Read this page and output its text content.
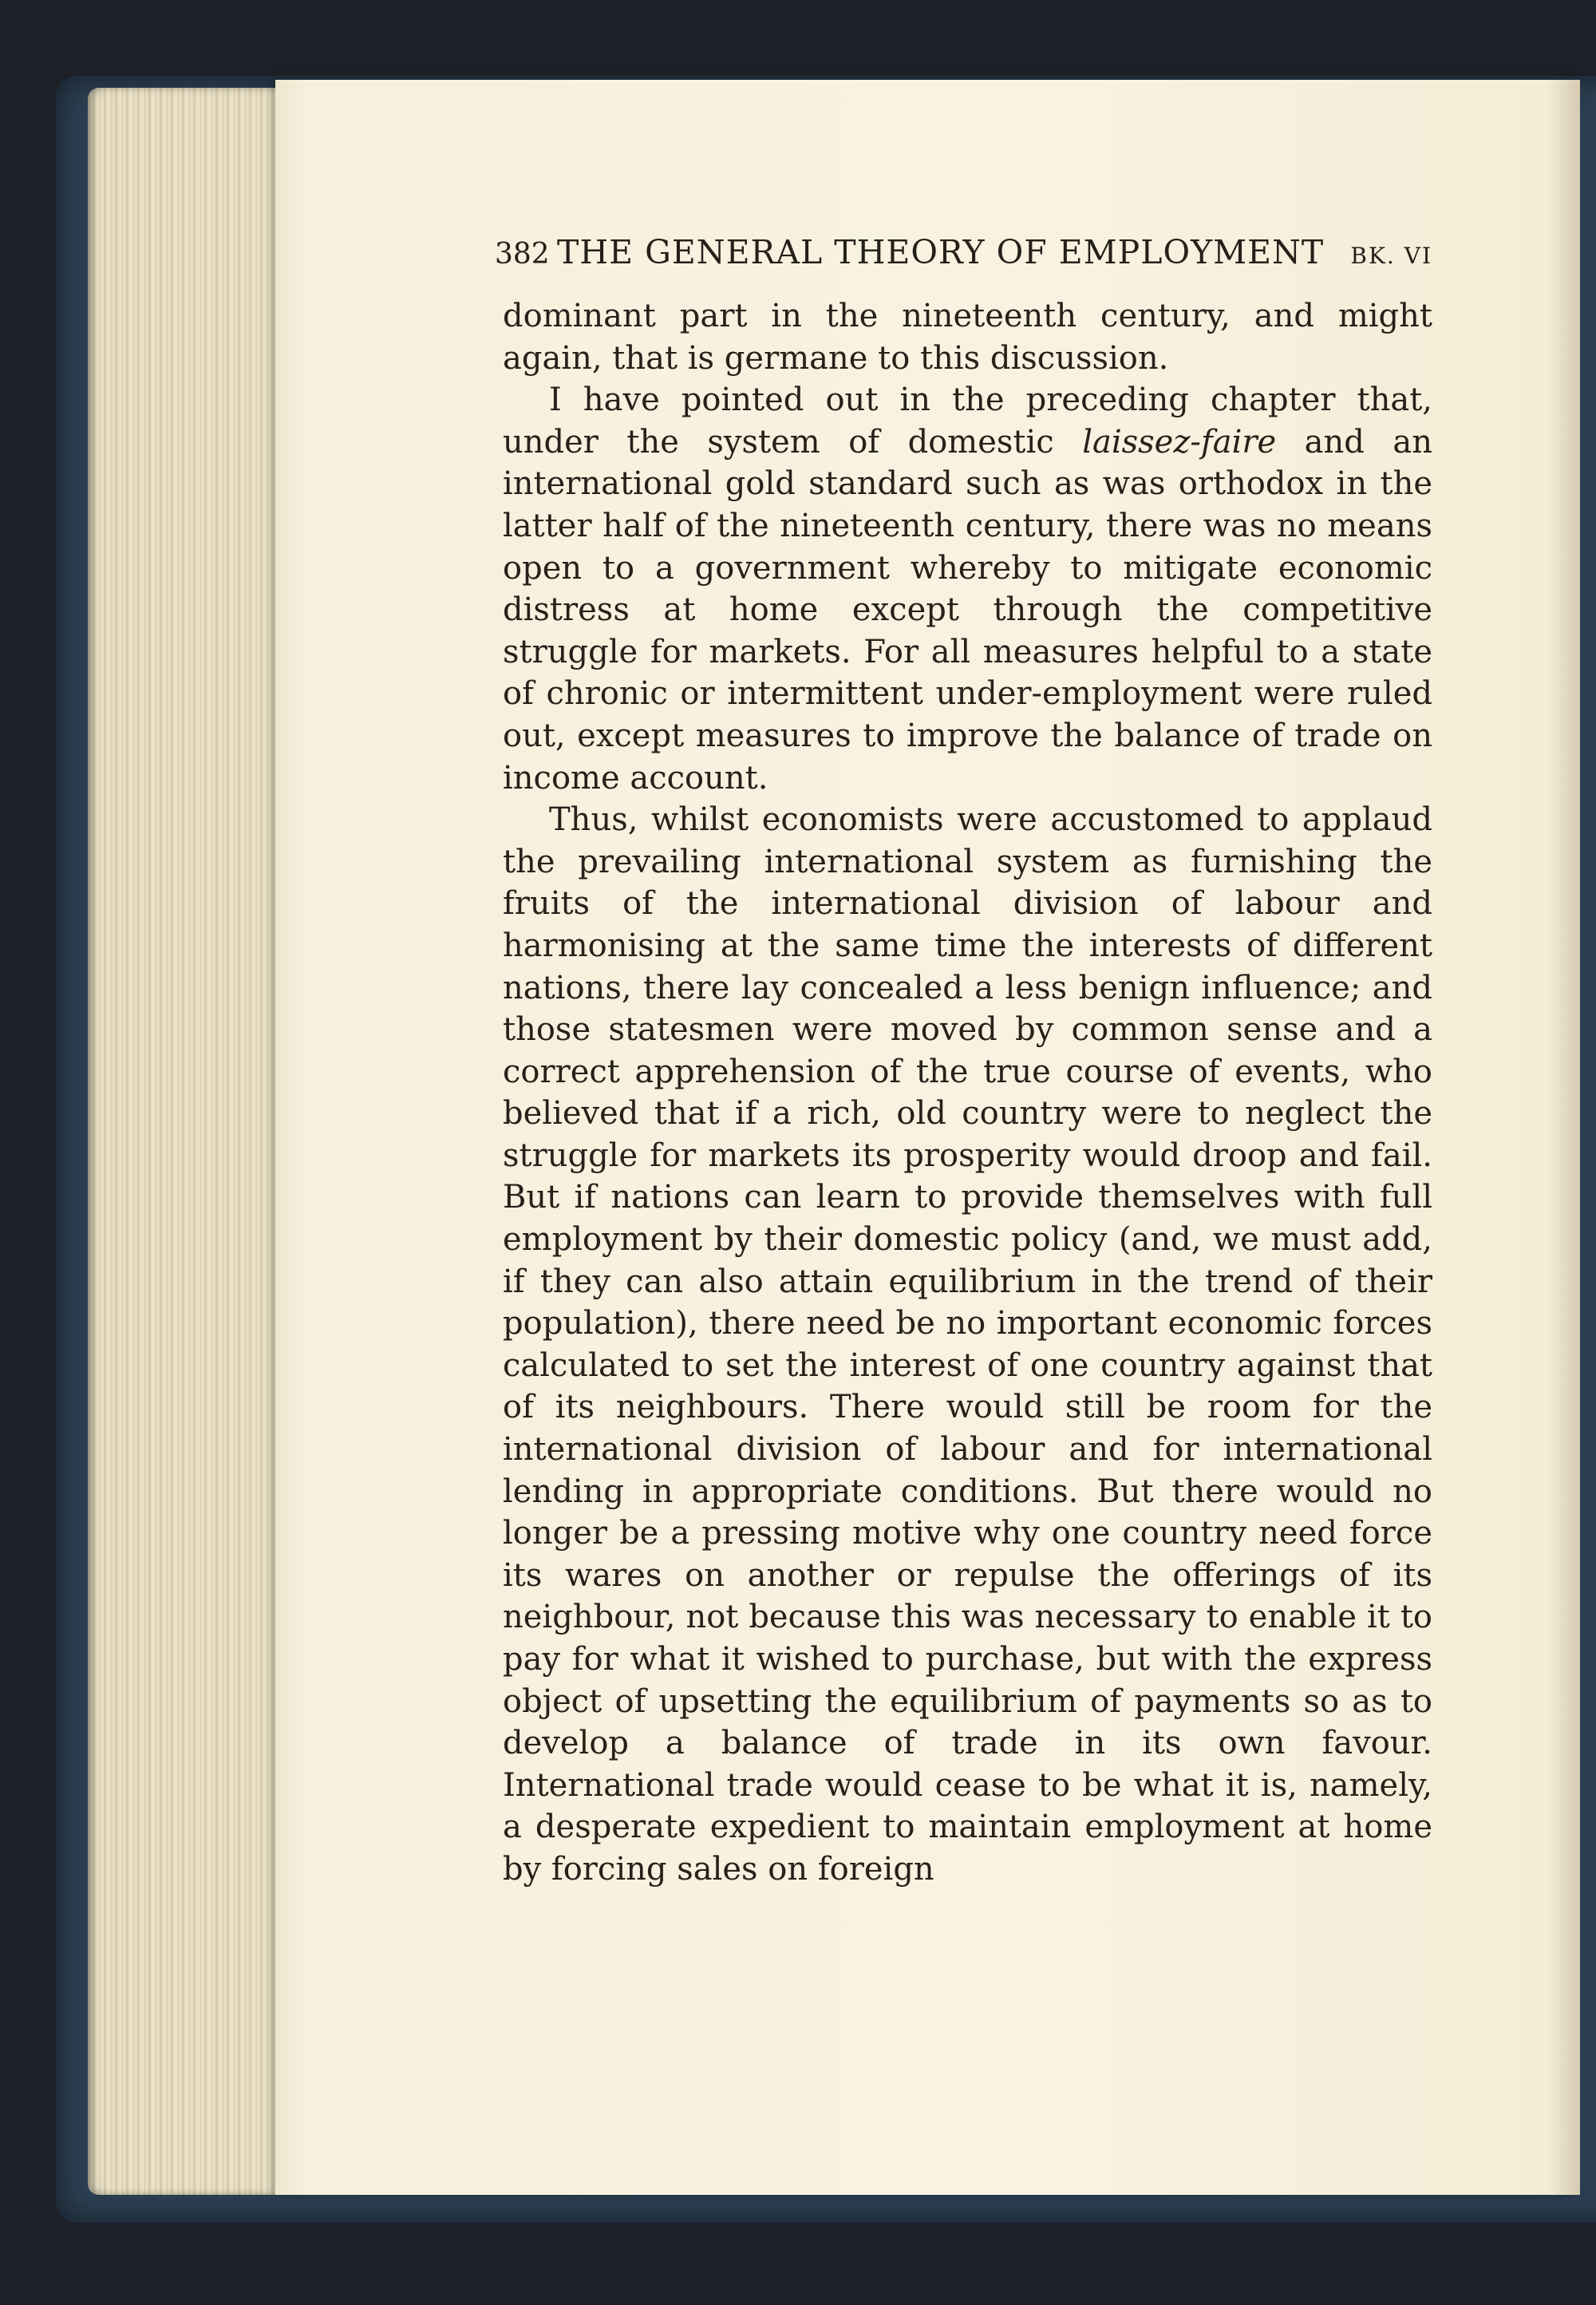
382 THE GENERAL THEORY OF EMPLOYMENT	BK. VI

dominant part in the nineteenth century, and might again, that is germane to this discussion.

I have pointed out in the preceding chapter that, under the system of domestic laissez-faire and an international gold standard such as was orthodox in the latter half of the nineteenth century, there was no means open to a government whereby to mitigate economic distress at home except through the competitive struggle for markets. For all measures helpful to a state of chronic or intermittent under-employment were ruled out, except measures to improve the balance of trade on income account.

Thus, whilst economists were accustomed to applaud the prevailing international system as furnishing the fruits of the international division of labour and harmonising at the same time the interests of different nations, there lay concealed a less benign influence; and those statesmen were moved by common sense and a correct apprehension of the true course of events, who believed that if a rich, old country were to neglect the struggle for markets its prosperity would droop and fail. But if nations can learn to provide themselves with full employment by their domestic policy (and, we must add, if they can also attain equilibrium in the trend of their population), there need be no important economic forces calculated to set the interest of one country against that of its neighbours. There would still be room for the international division of labour and for international lending in appropriate conditions. But there would no longer be a pressing motive why one country need force its wares on another or repulse the offerings of its neighbour, not because this was necessary to enable it to pay for what it wished to purchase, but with the express object of upsetting the equilibrium of payments so as to develop a balance of trade in its own favour. International trade would cease to be what it is, namely, a desperate expedient to maintain employment at home by forcing sales on foreign
